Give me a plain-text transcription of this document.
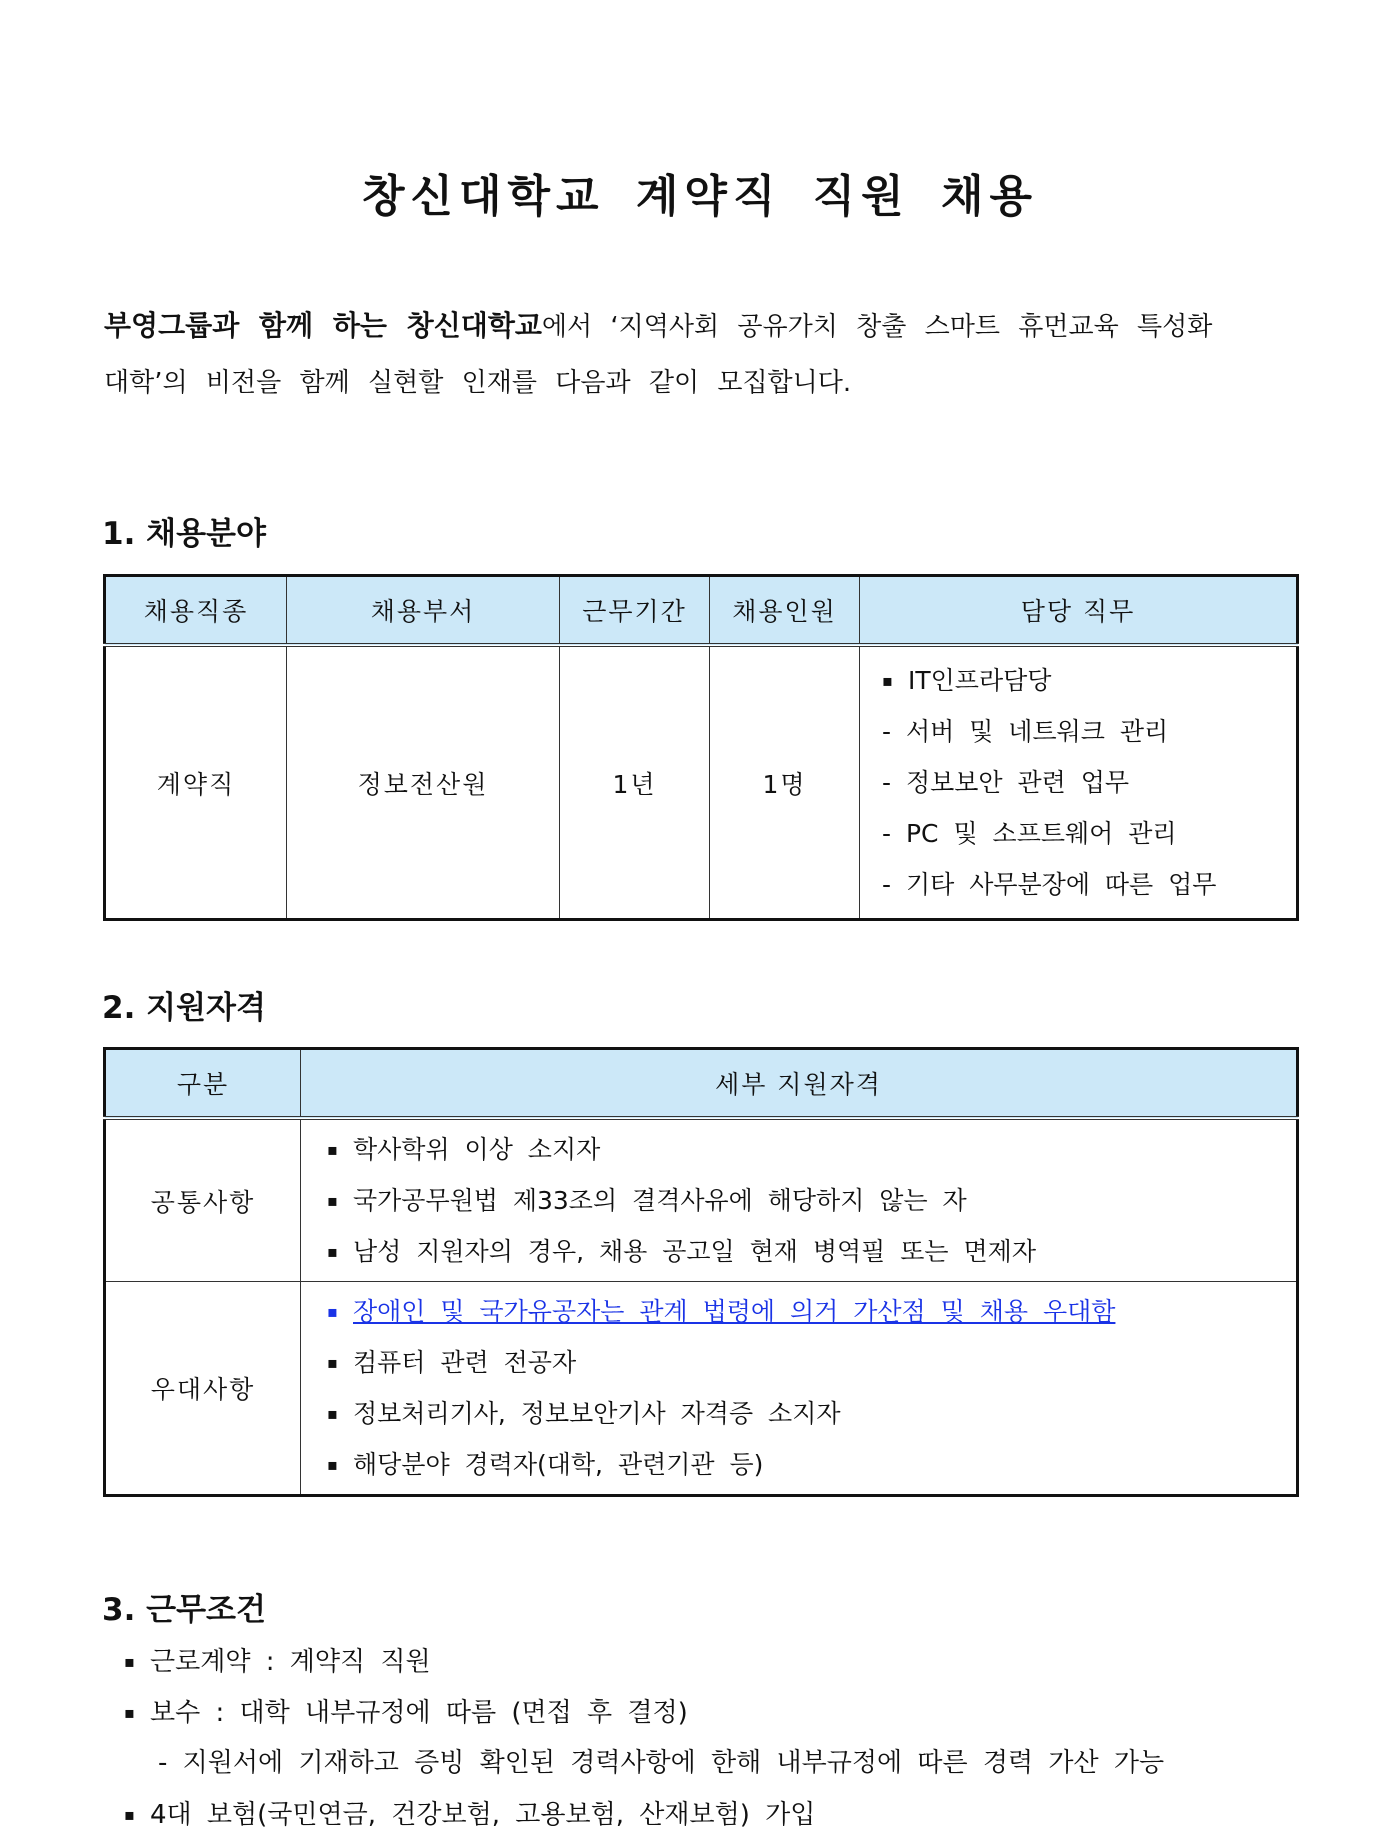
창신대학교 계약직 직원 채용
부영그룹과 함께 하는 창신대학교에서 ‘지역사회 공유가치 창출 스마트 휴먼교육 특성화
대학’의 비전을 함께 실현할 인재를 다음과 같이 모집합니다.
1. 채용분야
채용직종	채용부서	근무기간	채용인원	담당 직무
계약직	정보전산원	1년	1명	▪ IT인프라담당
- 서버 및 네트워크 관리
- 정보보안 관련 업무
- PC 및 소프트웨어 관리
- 기타 사무분장에 따른 업무
2. 지원자격
구분	세부 지원자격
공통사항	▪ 학사학위 이상 소지자
▪ 국가공무원법 제33조의 결격사유에 해당하지 않는 자
▪ 남성 지원자의 경우, 채용 공고일 현재 병역필 또는 면제자

우대사항	▪ 장애인 및 국가유공자는 관계 법령에 의거 가산점 및 채용 우대함
▪ 컴퓨터 관련 전공자
▪ 정보처리기사, 정보보안기사 자격증 소지자
▪ 해당분야 경력자(대학, 관련기관 등)
3. 근무조건
▪ 근로계약 : 계약직 직원
▪ 보수 : 대학 내부규정에 따름 (면접 후 결정)
- 지원서에 기재하고 증빙 확인된 경력사항에 한해 내부규정에 따른 경력 가산 가능
▪ 4대 보험(국민연금, 건강보험, 고용보험, 산재보험) 가입
